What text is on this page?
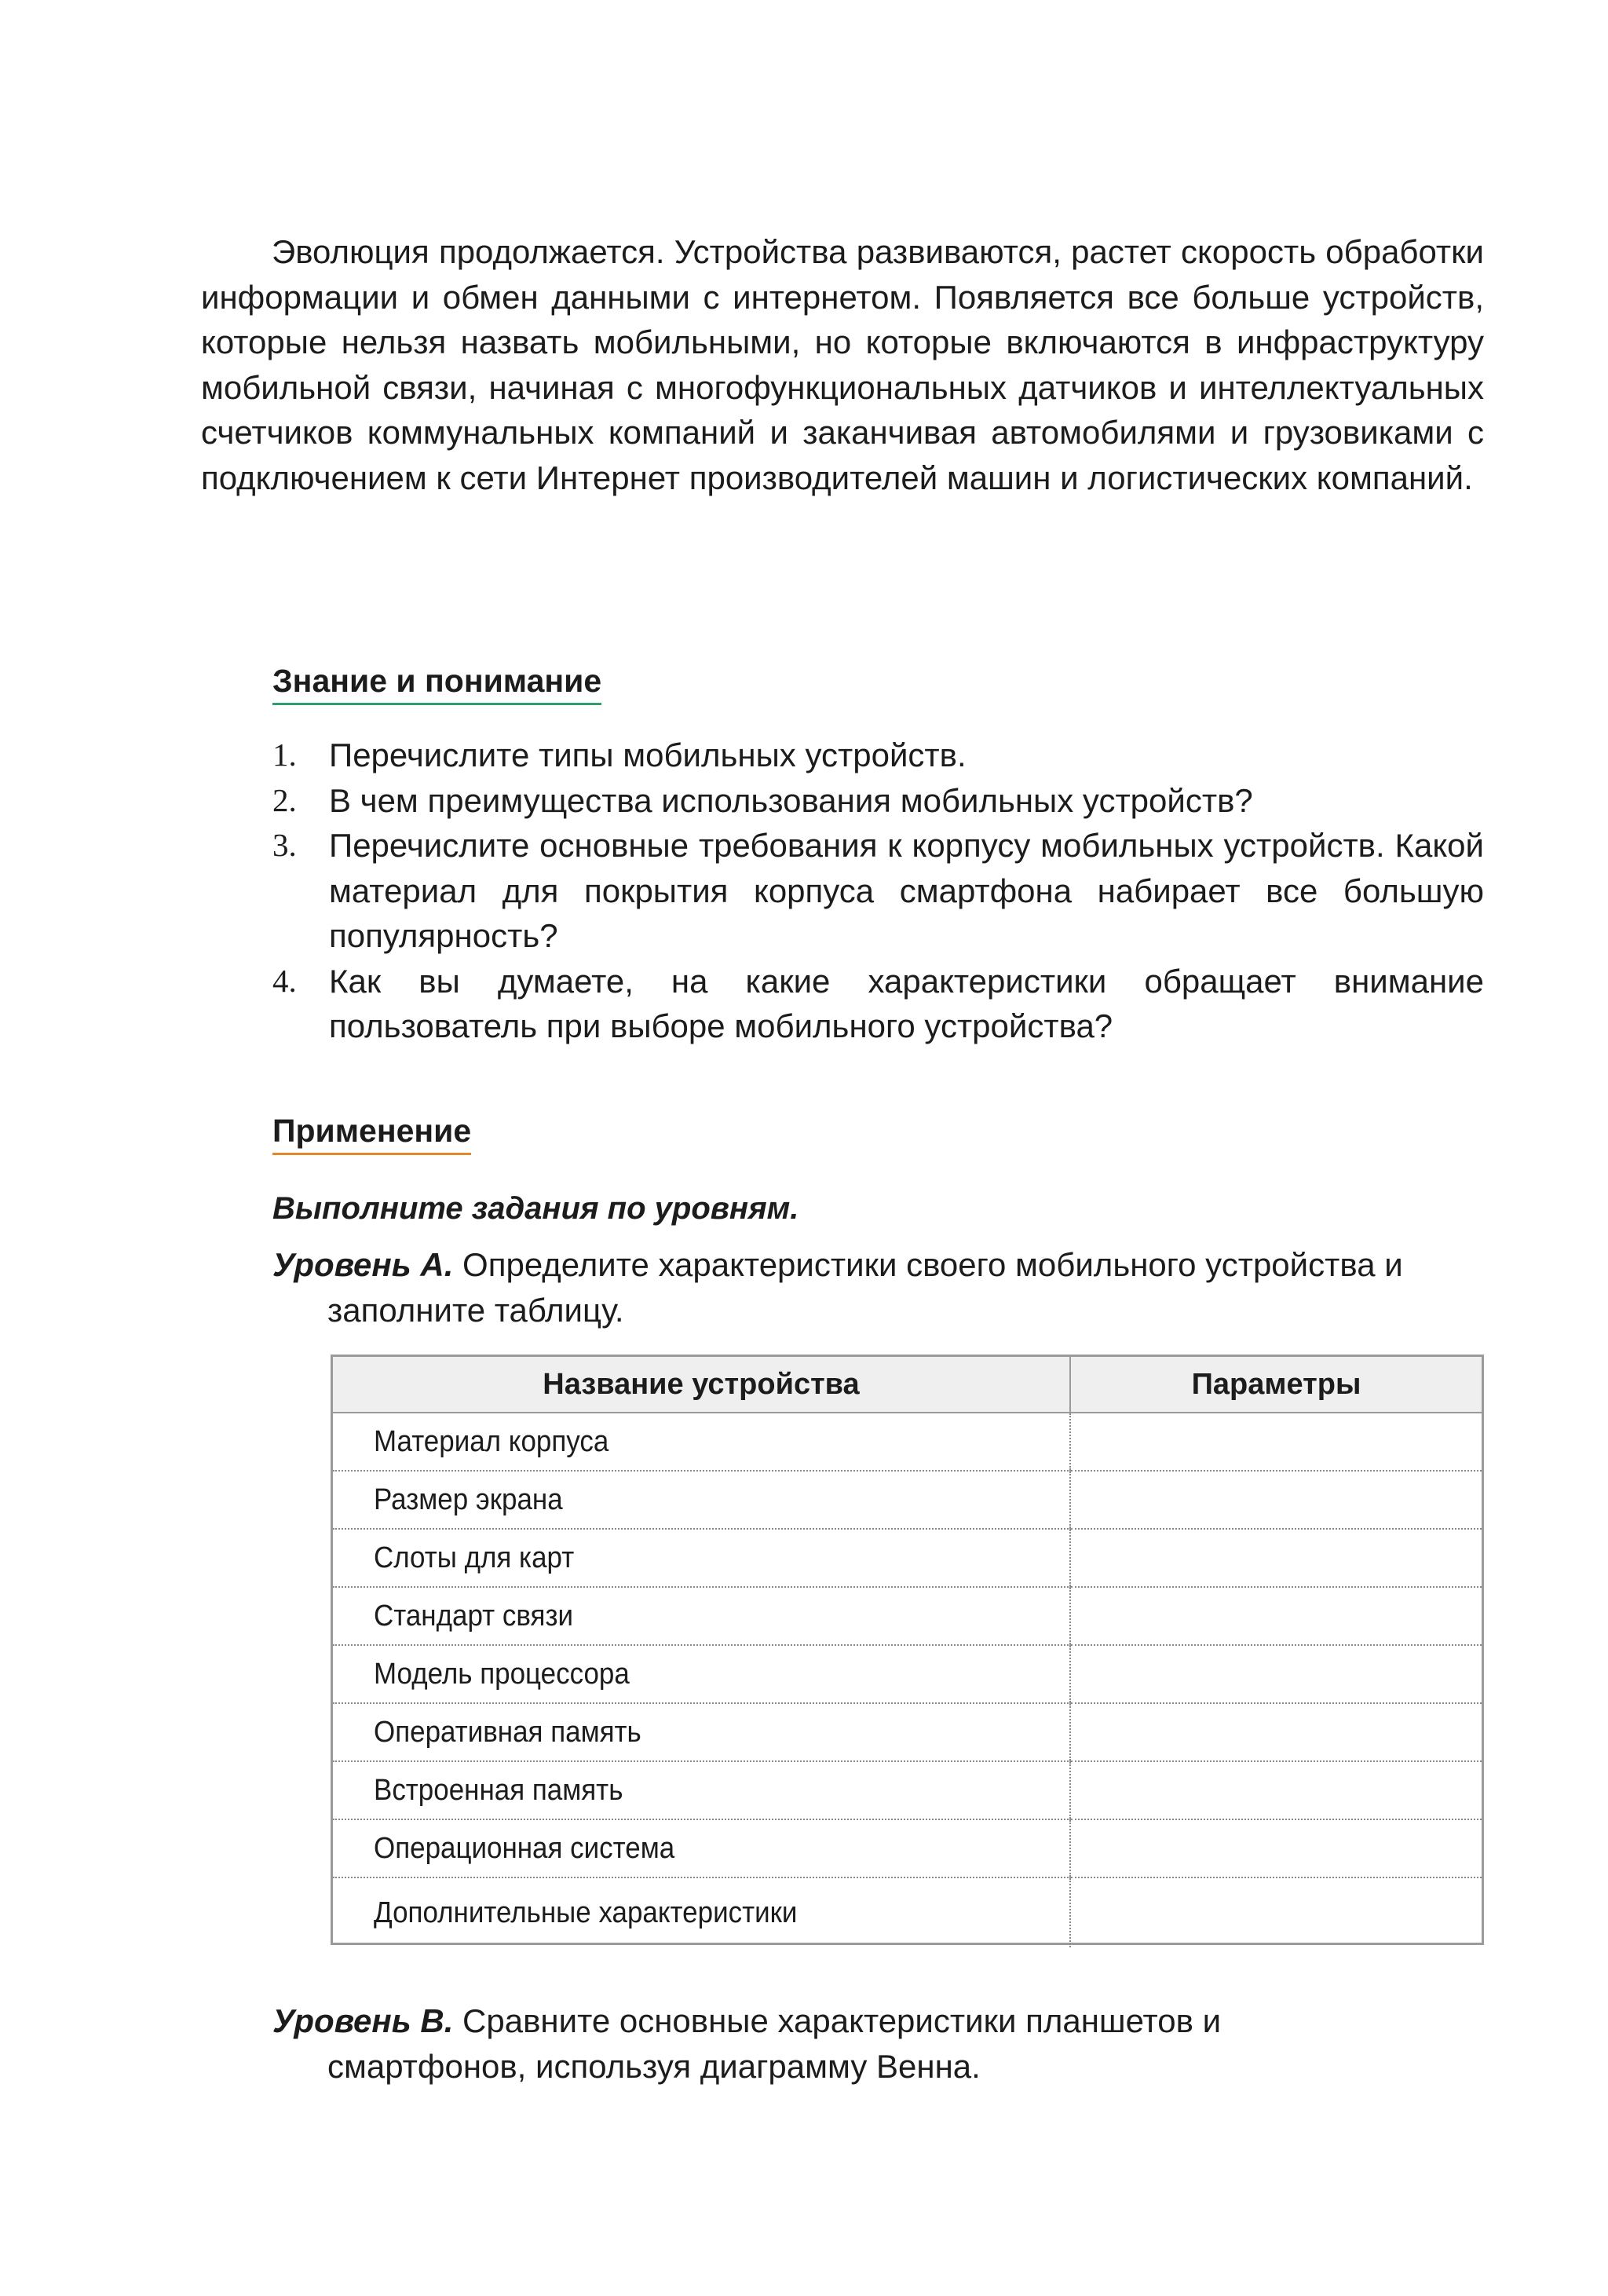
Эволюция продолжается. Устройства развиваются, растет скорость обработки информации и обмен данными с интернетом. Появляется все больше устройств, которые нельзя назвать мобильными, но которые включаются в инфраструктуру мобильной связи, начиная с многофункциональных датчиков и интеллектуальных счетчиков коммунальных компаний и заканчивая автомобилями и грузовиками с подключением к сети Интернет производителей машин и логистических компаний.

Знание и понимание
1. Перечислите типы мобильных устройств.
2. В чем преимущества использования мобильных устройств?
3. Перечислите основные требования к корпусу мобильных устройств. Какой материал для покрытия корпуса смартфона набирает все большую популярность?
4. Как вы думаете, на какие характеристики обращает внимание пользователь при выборе мобильного устройства?
Применение

Выполните задания по уровням.

Уровень А. Определите характеристики своего мобильного устройства и
заполните таблицу.

Название устройства	Параметры
Материал корпуса	
Размер экрана	
Слоты для карт	
Стандарт связи	
Модель процессора	
Оперативная память	
Встроенная память	
Операционная система	
Дополнительные характеристики	

Уровень В. Сравните основные характеристики планшетов и
смартфонов, используя диаграмму Венна.
